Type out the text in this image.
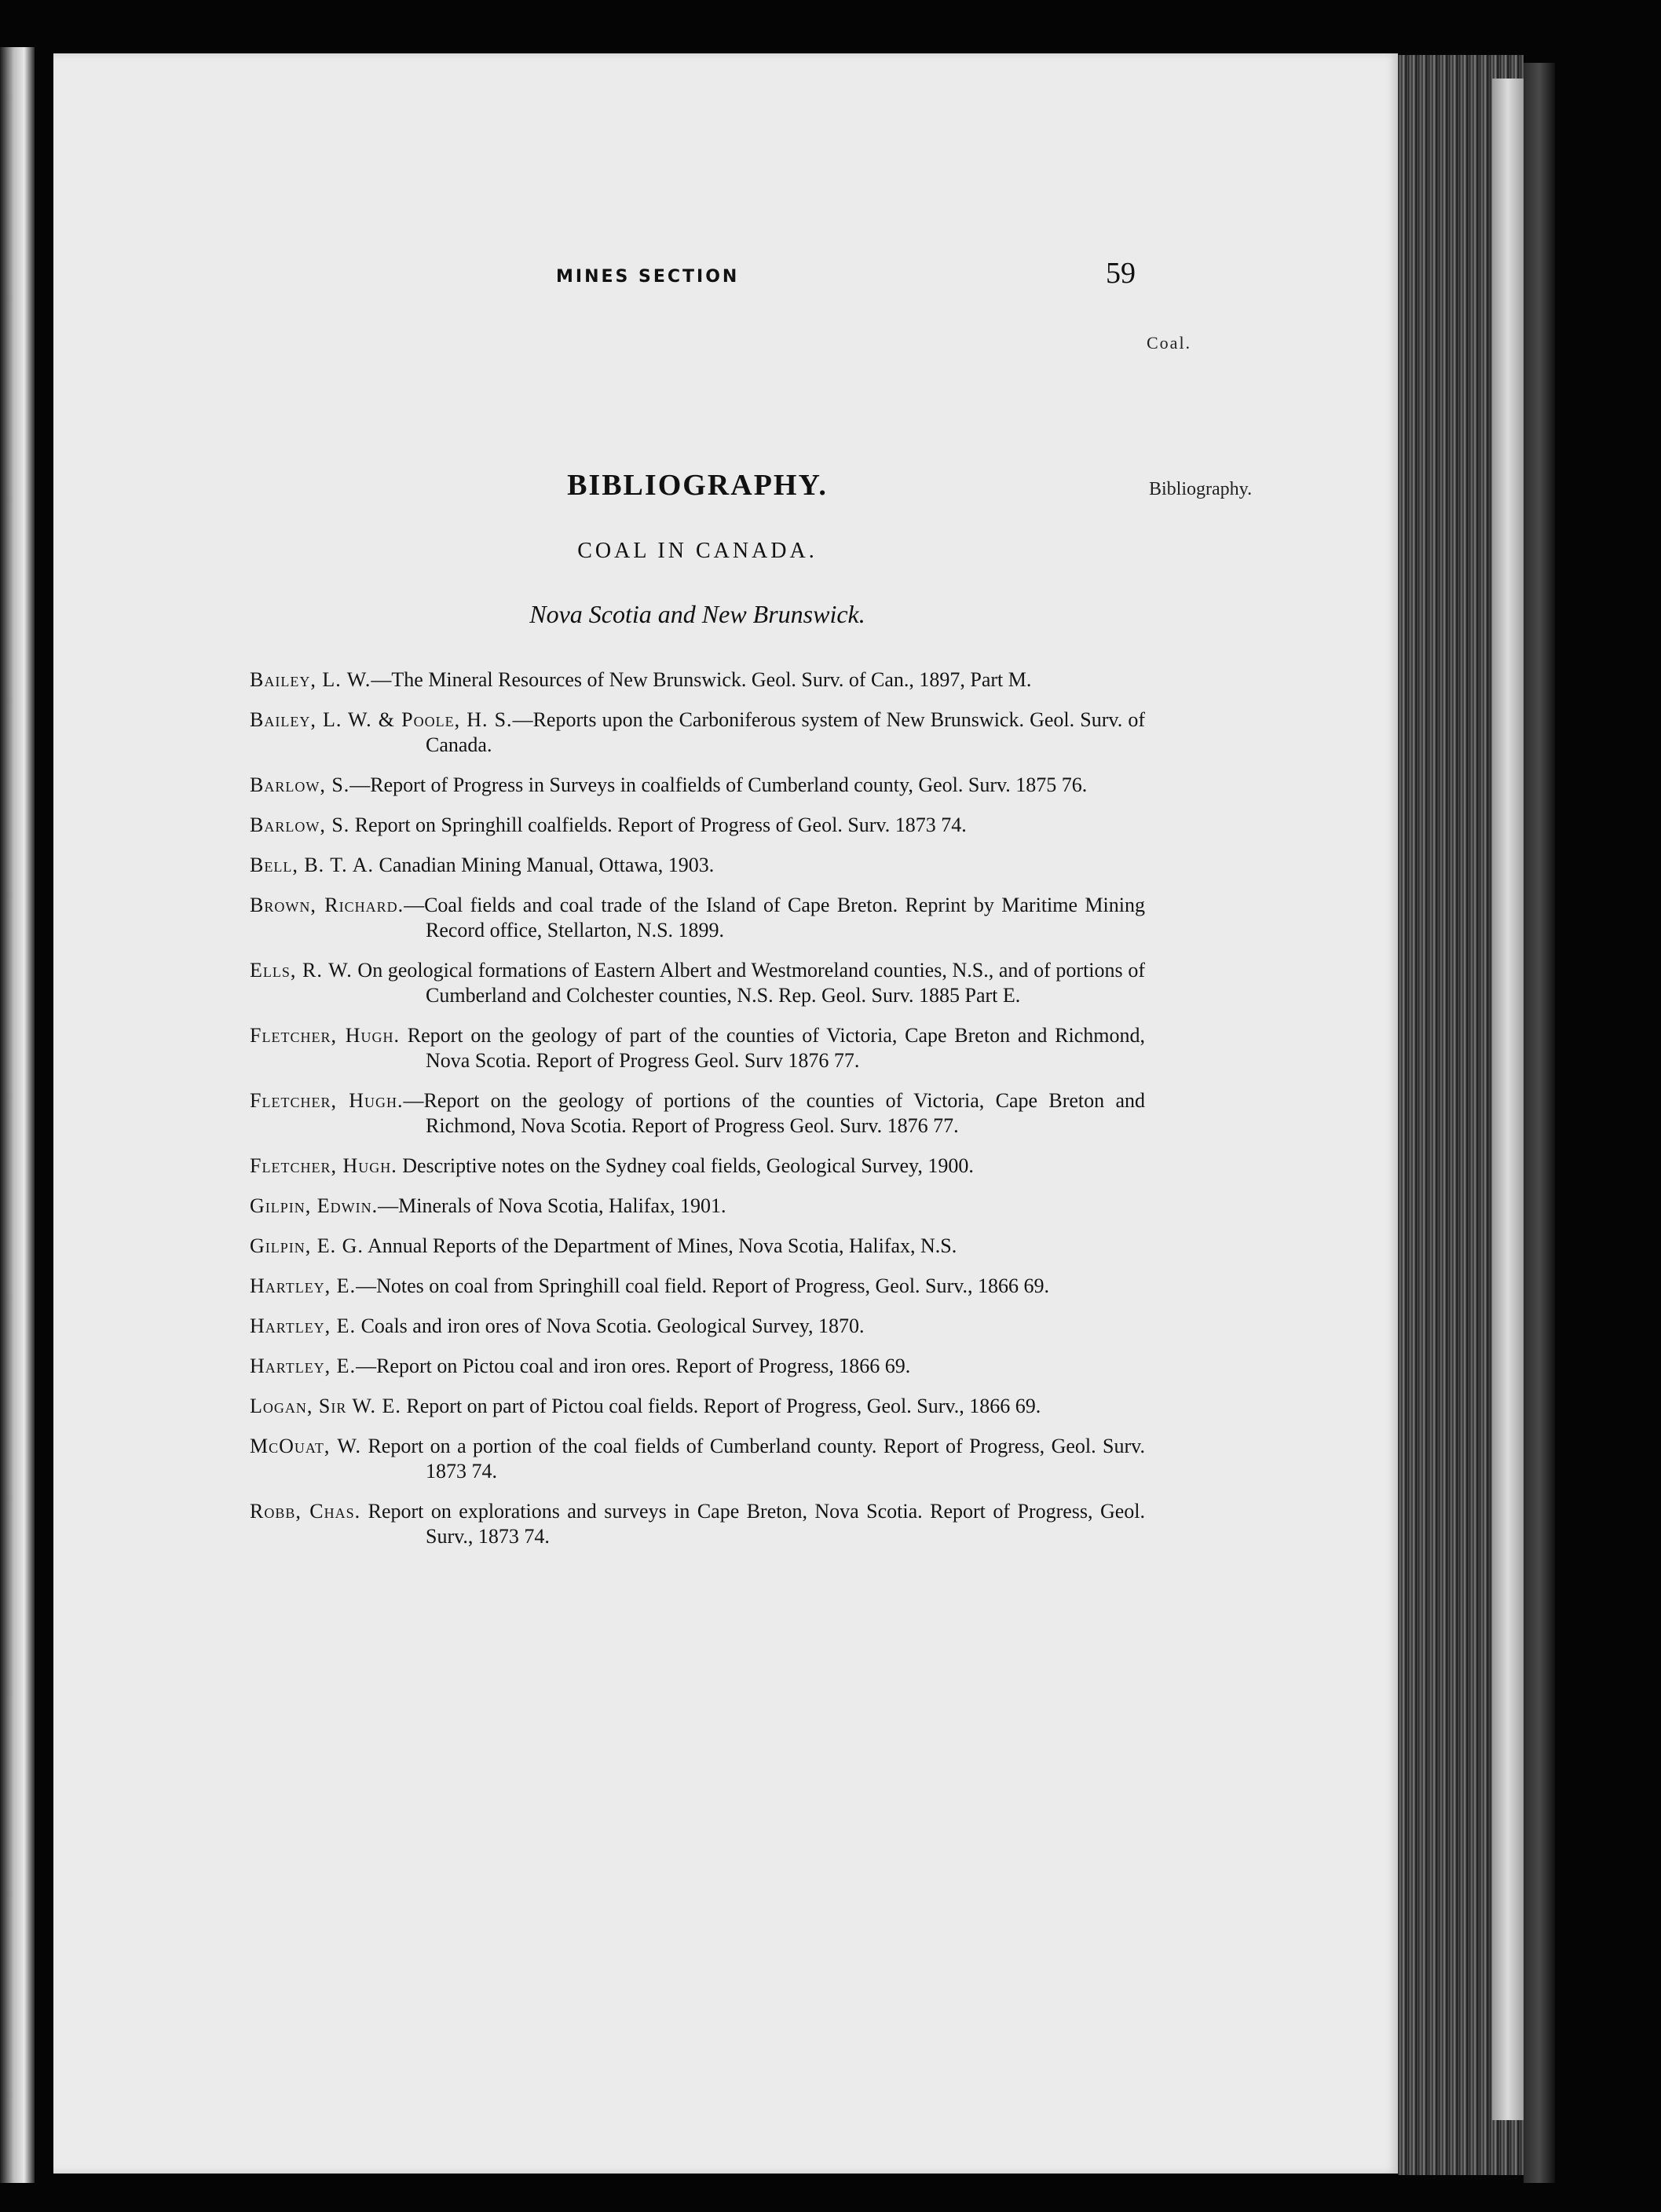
MINES SECTION	59
Coal.
Bibliography.
BIBLIOGRAPHY.
COAL IN CANADA.
Nova Scotia and New Brunswick.

Bailey, L. W.—The Mineral Resources of New Brunswick. Geol. Surv. of Can., 1897, Part M.

Bailey, L. W. & Poole, H. S.—Reports upon the Carboniferous system of New Brunswick. Geol. Surv. of Canada.

Barlow, S.—Report of Progress in Surveys in coalfields of Cumberland county, Geol. Surv. 1875 76.

Barlow, S. Report on Springhill coalfields. Report of Progress of Geol. Surv. 1873 74.

Bell, B. T. A. Canadian Mining Manual, Ottawa, 1903.

Brown, Richard.—Coal fields and coal trade of the Island of Cape Breton. Reprint by Maritime Mining Record office, Stellarton, N.S. 1899.

Ells, R. W. On geological formations of Eastern Albert and Westmoreland counties, N.S., and of portions of Cumberland and Colchester counties, N.S. Rep. Geol. Surv. 1885 Part E.

Fletcher, Hugh. Report on the geology of part of the counties of Victoria, Cape Breton and Richmond, Nova Scotia. Report of Progress Geol. Surv 1876 77.

Fletcher, Hugh.—Report on the geology of portions of the counties of Victoria, Cape Breton and Richmond, Nova Scotia. Report of Progress Geol. Surv. 1876 77.

Fletcher, Hugh. Descriptive notes on the Sydney coal fields, Geological Survey, 1900.

Gilpin, Edwin.—Minerals of Nova Scotia, Halifax, 1901.

Gilpin, E. G. Annual Reports of the Department of Mines, Nova Scotia, Halifax, N.S.

Hartley, E.—Notes on coal from Springhill coal field. Report of Progress, Geol. Surv., 1866 69.

Hartley, E. Coals and iron ores of Nova Scotia. Geological Survey, 1870.

Hartley, E.—Report on Pictou coal and iron ores. Report of Progress, 1866 69.

Logan, Sir W. E. Report on part of Pictou coal fields. Report of Progress, Geol. Surv., 1866 69.

McOuat, W. Report on a portion of the coal fields of Cumberland county. Report of Progress, Geol. Surv. 1873 74.

Robb, Chas. Report on explorations and surveys in Cape Breton, Nova Scotia. Report of Progress, Geol. Surv., 1873 74.
